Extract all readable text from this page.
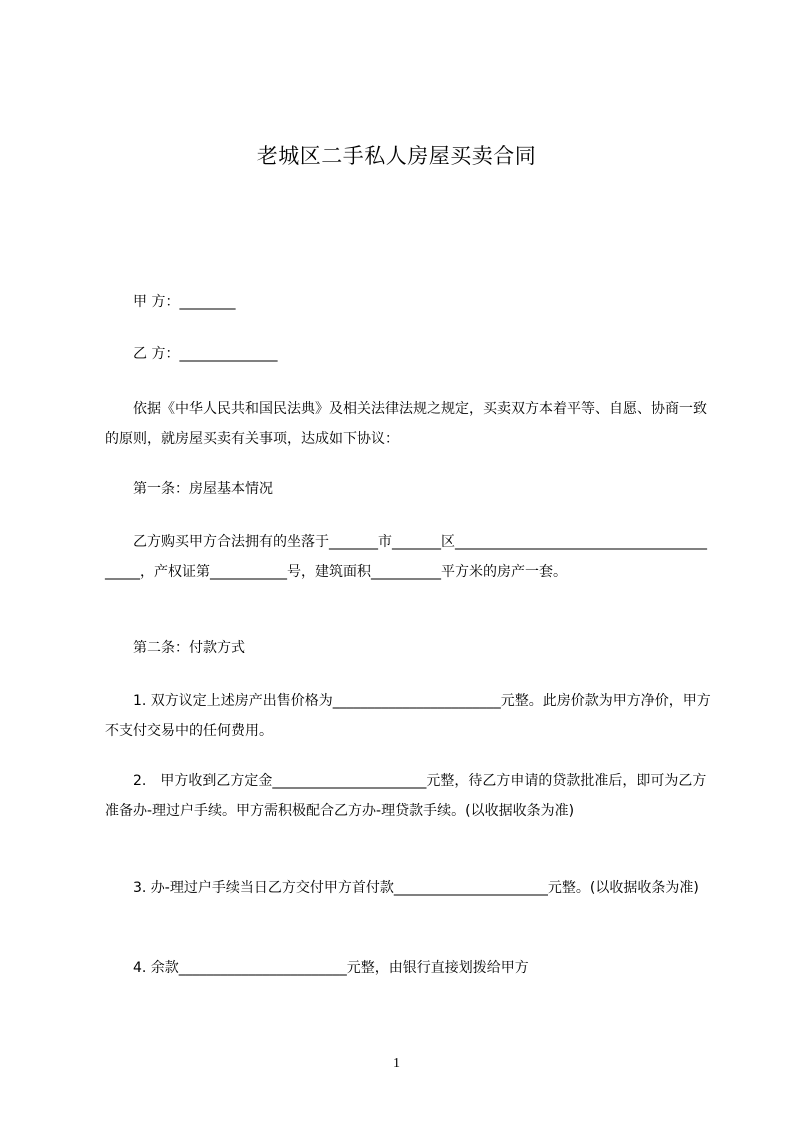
老城区二手私人房屋买卖合同
　　甲 方：________
　　乙 方：______________
　　依据《中华人民共和国民法典》及相关法律法规之规定，买卖双方本着平等、自愿、协商一致的原则，就房屋买卖有关事项，达成如下协议：
　　第一条：房屋基本情况
　　乙方购买甲方合法拥有的坐落于_______市_______区_________________________________________，产权证第___________号，建筑面积__________平方米的房产一套。
　　第二条：付款方式
　　1. 双方议定上述房产出售价格为________________________元整。此房价款为甲方净价，甲方不支付交易中的任何费用。
　　2.　甲方收到乙方定金______________________元整，待乙方申请的贷款批准后，即可为乙方准备办-理过户手续。甲方需积极配合乙方办-理贷款手续。(以收据收条为准)
　　3. 办-理过户手续当日乙方交付甲方首付款______________________元整。(以收据收条为准)
　　4. 余款________________________元整，由银行直接划拨给甲方
1
